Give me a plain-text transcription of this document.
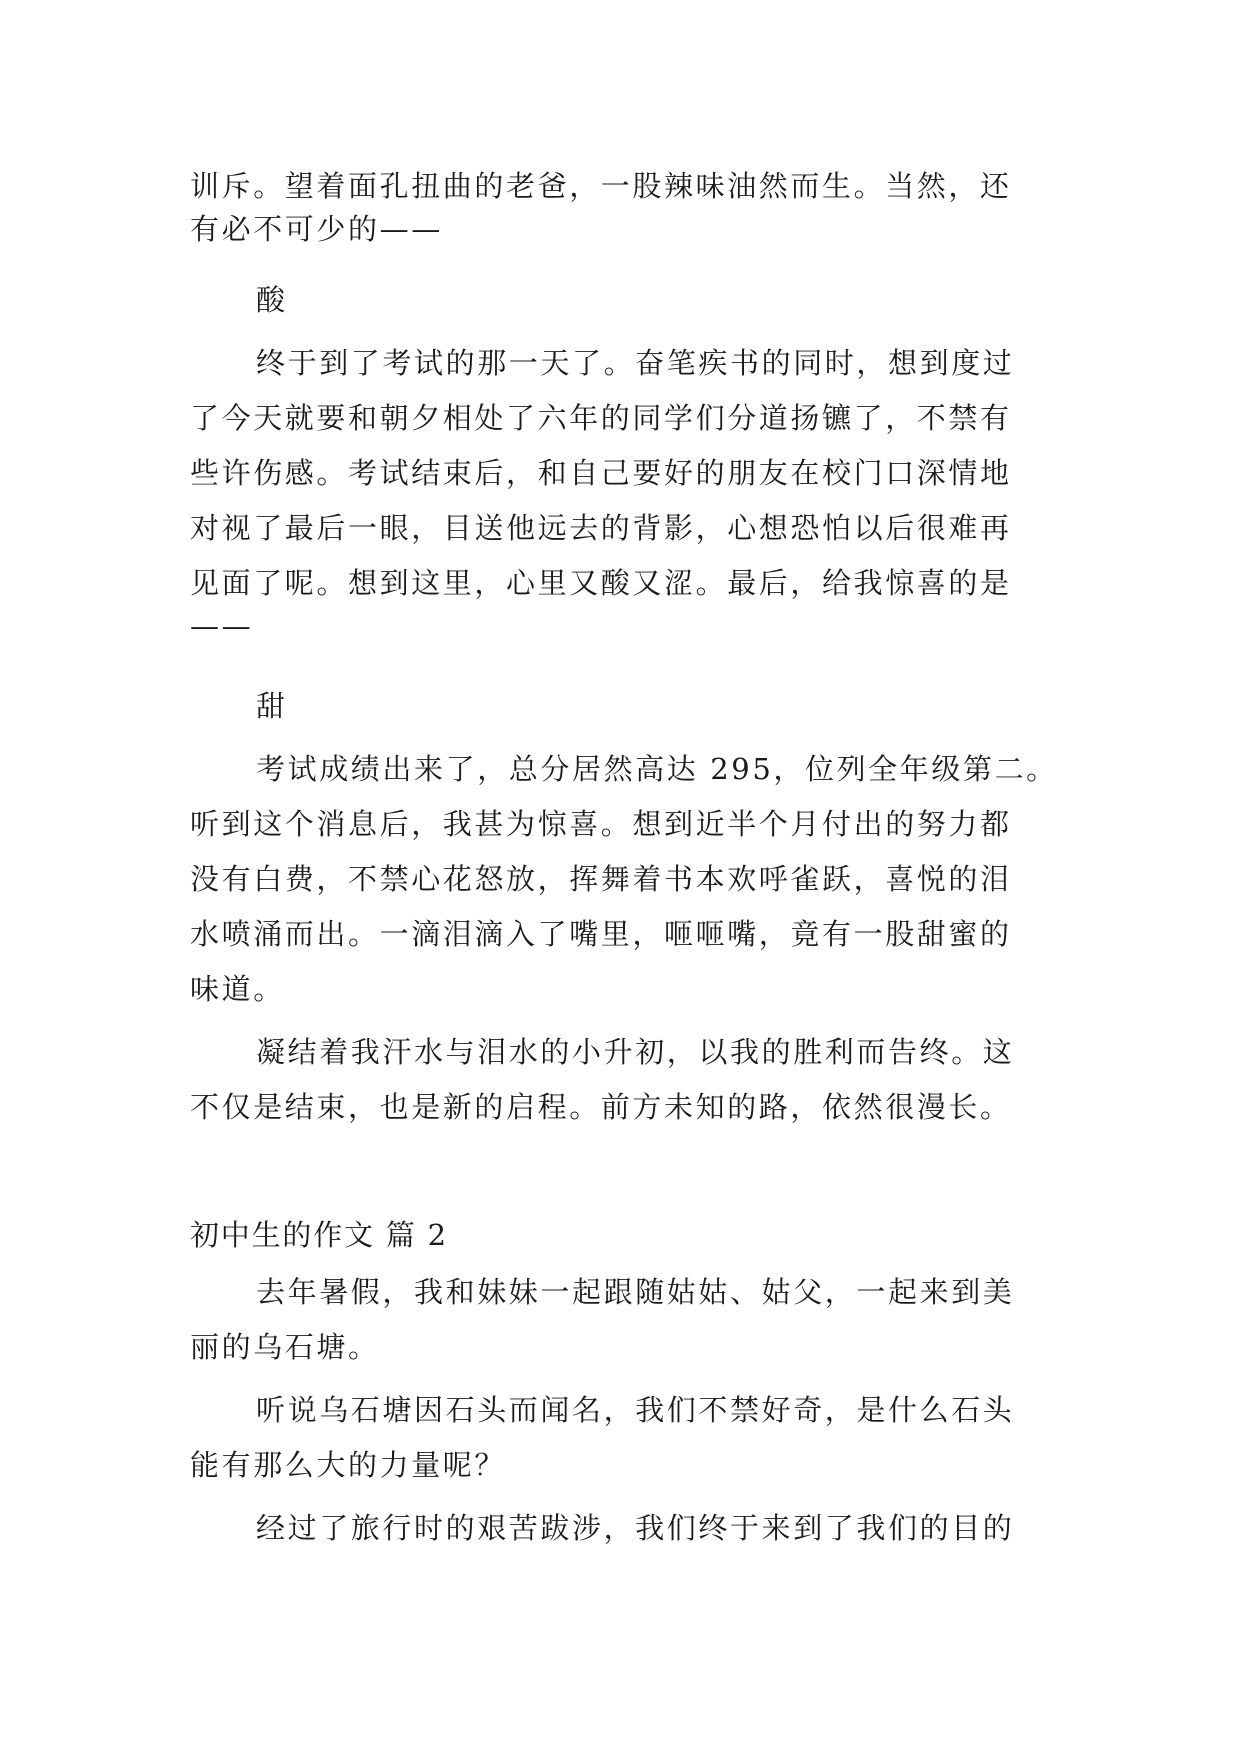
训斥。望着面孔扭曲的老爸，一股辣味油然而生。当然，还
有必不可少的——
酸
终于到了考试的那一天了。奋笔疾书的同时，想到度过
了今天就要和朝夕相处了六年的同学们分道扬镳了，不禁有
些许伤感。考试结束后，和自己要好的朋友在校门口深情地
对视了最后一眼，目送他远去的背影，心想恐怕以后很难再
见面了呢。想到这里，心里又酸又涩。最后，给我惊喜的是
——
甜
考试成绩出来了，总分居然高达 295，位列全年级第二。
听到这个消息后，我甚为惊喜。想到近半个月付出的努力都
没有白费，不禁心花怒放，挥舞着书本欢呼雀跃，喜悦的泪
水喷涌而出。一滴泪滴入了嘴里，咂咂嘴，竟有一股甜蜜的
味道。
凝结着我汗水与泪水的小升初，以我的胜利而告终。这
不仅是结束，也是新的启程。前方未知的路，依然很漫长。
初中生的作文 篇 2
去年暑假，我和妹妹一起跟随姑姑、姑父，一起来到美
丽的乌石塘。
听说乌石塘因石头而闻名，我们不禁好奇，是什么石头
能有那么大的力量呢？
经过了旅行时的艰苦跋涉，我们终于来到了我们的目的
